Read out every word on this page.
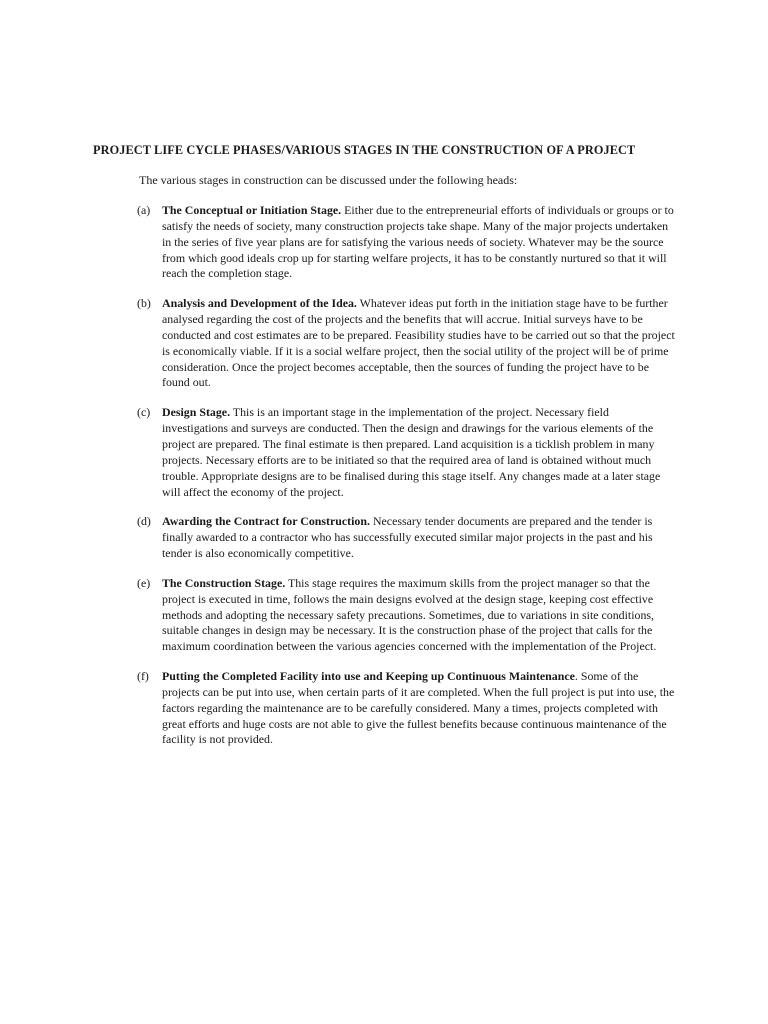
PROJECT LIFE CYCLE PHASES/VARIOUS STAGES IN THE CONSTRUCTION OF A PROJECT

The various stages in construction can be discussed under the following heads:

(a) The Conceptual or Initiation Stage. Either due to the entrepreneurial efforts of individuals or groups or to satisfy the needs of society, many construction projects take shape. Many of the major projects undertaken in the series of five year plans are for satisfying the various needs of society. Whatever may be the source from which good ideals crop up for starting welfare projects, it has to be constantly nurtured so that it will reach the completion stage.
(b) Analysis and Development of the Idea. Whatever ideas put forth in the initiation stage have to be further analysed regarding the cost of the projects and the benefits that will accrue. Initial surveys have to be conducted and cost estimates are to be prepared. Feasibility studies have to be carried out so that the project is economically viable. If it is a social welfare project, then the social utility of the project will be of prime consideration. Once the project becomes acceptable, then the sources of funding the project have to be found out.
(c) Design Stage. This is an important stage in the implementation of the project. Necessary field investigations and surveys are conducted. Then the design and drawings for the various elements of the project are prepared. The final estimate is then prepared. Land acquisition is a ticklish problem in many projects. Necessary efforts are to be initiated so that the required area of land is obtained without much trouble. Appropriate designs are to be finalised during this stage itself. Any changes made at a later stage will affect the economy of the project.
(d) Awarding the Contract for Construction. Necessary tender documents are prepared and the tender is finally awarded to a contractor who has successfully executed similar major projects in the past and his tender is also economically competitive.
(e) The Construction Stage. This stage requires the maximum skills from the project manager so that the project is executed in time, follows the main designs evolved at the design stage, keeping cost effective methods and adopting the necessary safety precautions. Sometimes, due to variations in site conditions, suitable changes in design may be necessary. It is the construction phase of the project that calls for the maximum coordination between the various agencies concerned with the implementation of the Project.
(f) Putting the Completed Facility into use and Keeping up Continuous Maintenance. Some of the projects can be put into use, when certain parts of it are completed. When the full project is put into use, the factors regarding the maintenance are to be carefully considered. Many a times, projects completed with great efforts and huge costs are not able to give the fullest benefits because continuous maintenance of the facility is not provided.
